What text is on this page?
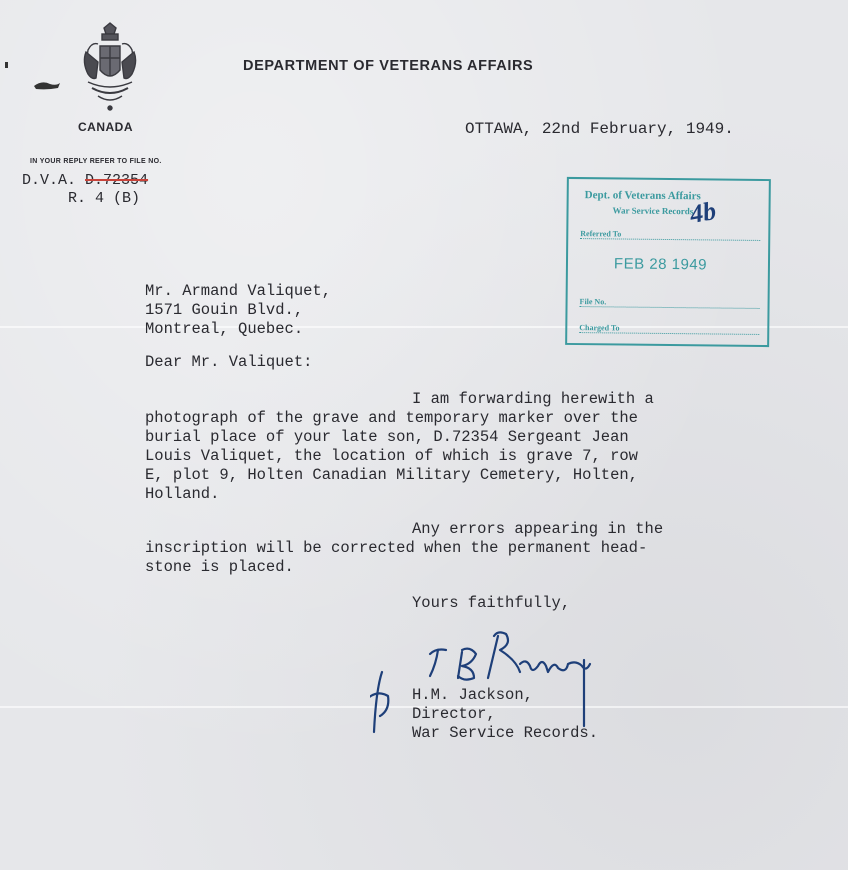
CANADA
DEPARTMENT OF VETERANS AFFAIRS
OTTAWA, 22nd February, 1949.
IN YOUR REPLY REFER TO FILE NO.
D.V.A. D.72354
R. 4 (B)	Dept. of Veterans Affairs
War Service Records
Referred To
FEB 28 1949
File No.
Charged To
4b
Mr. Armand Valiquet,
1571 Gouin Blvd.,
Montreal, Quebec.
Dear Mr. Valiquet:
I am forwarding herewith a
photograph of the grave and temporary marker over the
burial place of your late son, D.72354 Sergeant Jean
Louis Valiquet, the location of which is grave 7, row
E, plot 9, Holten Canadian Military Cemetery, Holten,
Holland.
Any errors appearing in the
inscription will be corrected when the permanent head-
stone is placed.
Yours faithfully,
J.B. Rading
H.M. Jackson,
Director,
War Service Records.
